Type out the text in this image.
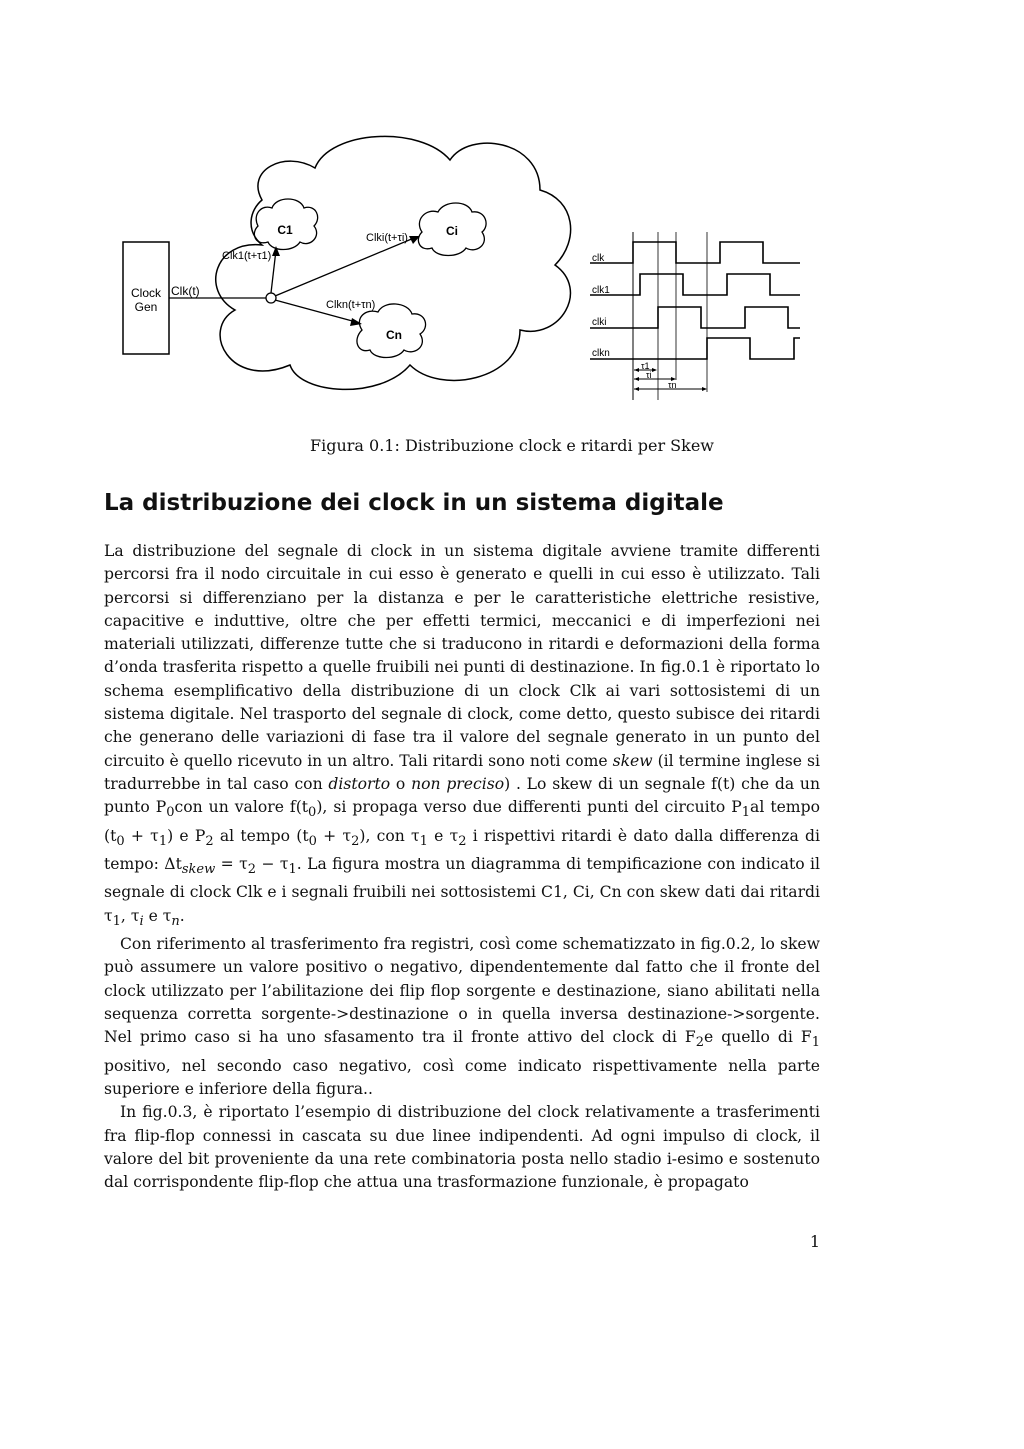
Clock
Gen
Clk(t)
C1	Ci
Cn
Clk1(t+τ1)
Clki(t+τi)
Clkn(t+τn)
clk
clk1
clki
clkn
τ1
τi
τn
Figura 0.1: Distribuzione clock e ritardi per Skew
La distribuzione dei clock in un sistema digitale

La distribuzione del segnale di clock in un sistema digitale avviene tramite differenti percorsi fra il nodo circuitale in cui esso è generato e quelli in cui esso è utilizzato. Tali percorsi si differenziano per la distanza e per le caratteristiche elettriche resistive, capacitive e induttive, oltre che per effetti termici, meccanici e di imperfezioni nei materiali utilizzati, differenze tutte che si traducono in ritardi e deformazioni della forma d’onda trasferita rispetto a quelle fruibili nei punti di destinazione. In fig.0.1 è riportato lo schema esemplificativo della distribuzione di un clock Clk ai vari sottosistemi di un sistema digitale. Nel trasporto del segnale di clock, come detto, questo subisce dei ritardi che generano delle variazioni di fase tra il valore del segnale generato in un punto del circuito è quello ricevuto in un altro. Tali ritardi sono noti come skew (il termine inglese si tradurrebbe in tal caso con distorto o non preciso) . Lo skew di un segnale f(t) che da un punto $P_0con$ un valore $f(t_0)$, si propaga verso due differenti punti del circuito $P_1al$ tempo $(t_0 + \tau_1)$ e $P_2$ al tempo $(t_0 + \tau_2)$, con $\tau_1$ e $\tau_2$ i rispettivi ritardi è dato dalla differenza di tempo: $\Delta t_{skew} = \tau_2 - \tau_1$. La figura mostra un diagramma di tempificazione con indicato il segnale di clock Clk e i segnali fruibili nei sottosistemi C1, Ci, Cn con skew dati dai ritardi $\tau_1$, $\tau_i$ e $\tau_n$.

Con riferimento al trasferimento fra registri, così come schematizzato in fig.0.2, lo skew può assumere un valore positivo o negativo, dipendentemente dal fatto che il fronte del clock utilizzato per l’abilitazione dei flip flop sorgente e destinazione, siano abilitati nella sequenza corretta sorgente->destinazione o in quella inversa destinazione->sorgente. Nel primo caso si ha uno sfasamento tra il fronte attivo del clock di $F_2e$ quello di $F_1$ positivo, nel secondo caso negativo, così come indicato rispettivamente nella parte superiore e inferiore della figura..

In fig.0.3, è riportato l’esempio di distribuzione del clock relativamente a trasferimenti fra flip-flop connessi in cascata su due linee indipendenti. Ad ogni impulso di clock, il valore del bit proveniente da una rete combinatoria posta nello stadio i-esimo e sostenuto dal corrispondente flip-flop che attua una trasformazione funzionale, è propagato

1
